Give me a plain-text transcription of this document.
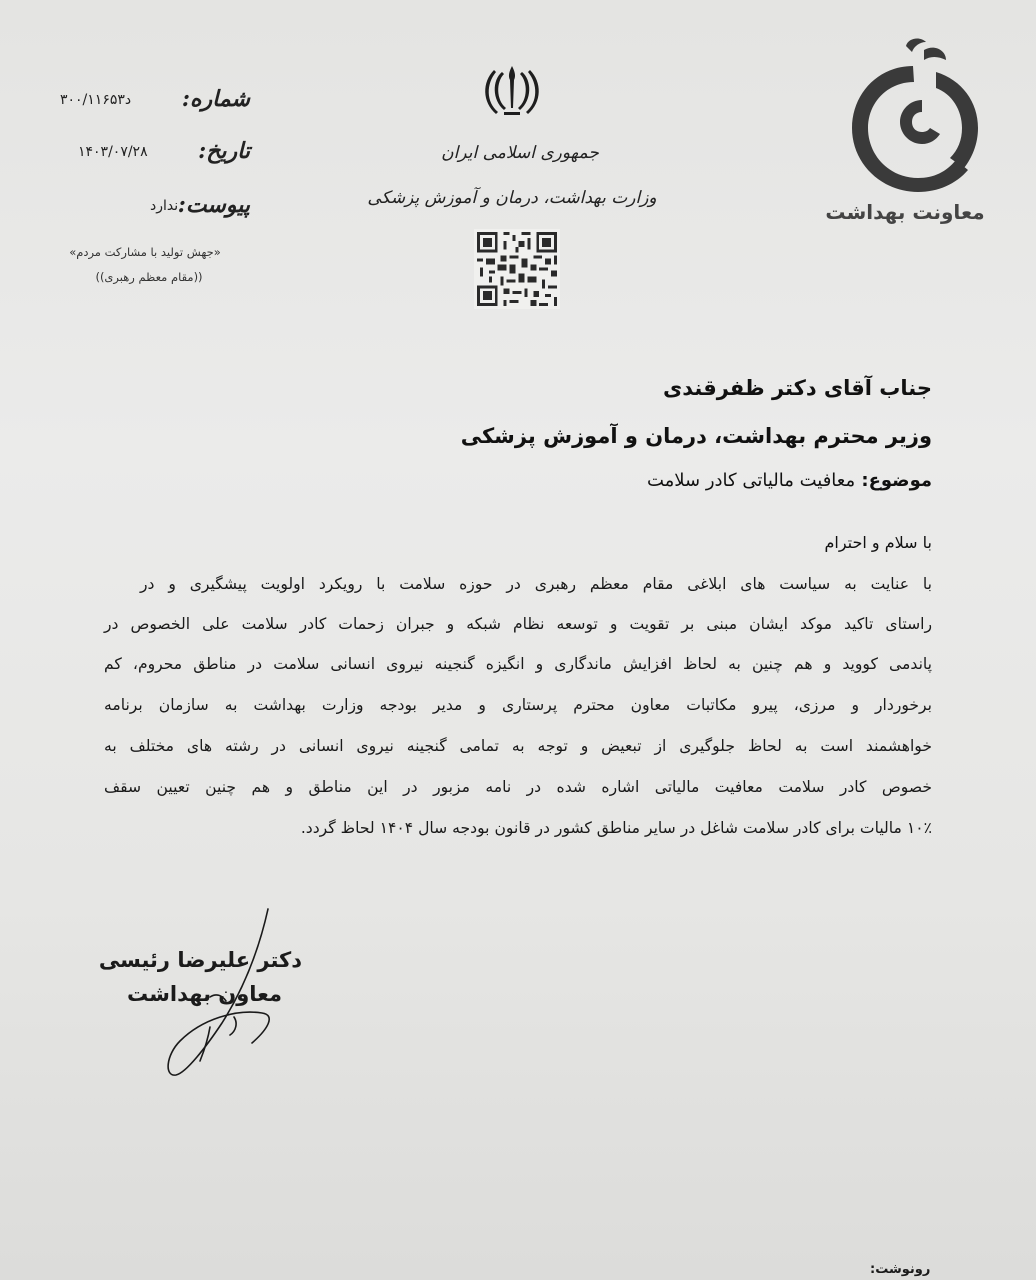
۳۰۰/۱۱۶۵۳د شماره:
۱۴۰۳/۰۷/۲۸ تاریخ:
ندارد پیوست:
«جهش تولید با مشارکت مردم»
((مقام معظم رهبری))
جمهوری اسلامی ایران
وزارت بهداشت، درمان و آموزش پزشکی
معاونت بهداشت
جناب آقای دکتر ظفرقندی
وزیر محترم بهداشت، درمان و آموزش پزشکی
موضوع: معافیت مالیاتی کادر سلامت
با سلام و احترام
با عنایت به سیاست های ابلاغی مقام معظم رهبری در حوزه سلامت با رویکرد اولویت پیشگیری و در
راستای تاکید موکد ایشان مبنی بر تقویت و توسعه نظام شبکه و جبران زحمات کادر سلامت علی الخصوص در
پاندمی کووید و هم چنین به لحاظ افزایش ماندگاری و انگیزه گنجینه نیروی انسانی سلامت در مناطق محروم، کم
برخوردار و مرزی، پیرو مکاتبات معاون محترم پرستاری و مدیر بودجه وزارت بهداشت به سازمان برنامه
خواهشمند است به لحاظ جلوگیری از تبعیض و توجه به تمامی گنجینه نیروی انسانی در رشته های مختلف به
خصوص کادر سلامت معافیت مالیاتی اشاره شده در نامه مزبور در این مناطق و هم چنین تعیین سقف
۱۰٪ مالیات برای کادر سلامت شاغل در سایر مناطق کشور در قانون بودجه سال ۱۴۰۴ لحاظ گردد.
دکتر علیرضا رئیسی
معاون بهداشت
رونوشت:
